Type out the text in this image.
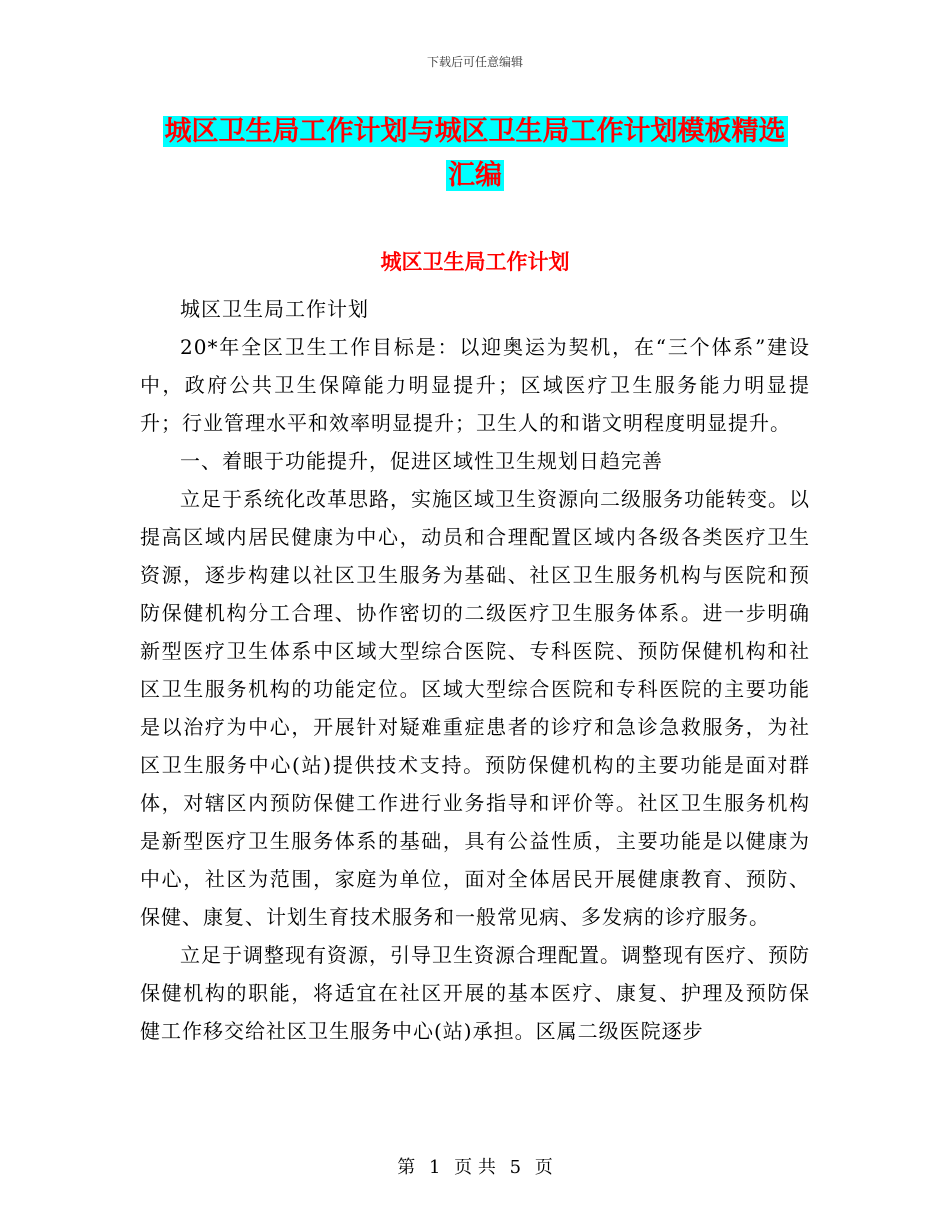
下载后可任意编辑
城区卫生局工作计划与城区卫生局工作计划模板精选
汇编
城区卫生局工作计划

城区卫生局工作计划

20*年全区卫生工作目标是：以迎奥运为契机，在“三个体系”建设中，政府公共卫生保障能力明显提升；区域医疗卫生服务能力明显提升；行业管理水平和效率明显提升；卫生人的和谐文明程度明显提升。

一、着眼于功能提升，促进区域性卫生规划日趋完善

立足于系统化改革思路，实施区域卫生资源向二级服务功能转变。以提高区域内居民健康为中心，动员和合理配置区域内各级各类医疗卫生资源，逐步构建以社区卫生服务为基础、社区卫生服务机构与医院和预防保健机构分工合理、协作密切的二级医疗卫生服务体系。进一步明确新型医疗卫生体系中区域大型综合医院、专科医院、预防保健机构和社区卫生服务机构的功能定位。区域大型综合医院和专科医院的主要功能是以治疗为中心，开展针对疑难重症患者的诊疗和急诊急救服务，为社区卫生服务中心(站)提供技术支持。预防保健机构的主要功能是面对群体，对辖区内预防保健工作进行业务指导和评价等。社区卫生服务机构是新型医疗卫生服务体系的基础，具有公益性质，主要功能是以健康为中心，社区为范围，家庭为单位，面对全体居民开展健康教育、预防、保健、康复、计划生育技术服务和一般常见病、多发病的诊疗服务。

立足于调整现有资源，引导卫生资源合理配置。调整现有医疗、预防保健机构的职能，将适宜在社区开展的基本医疗、康复、护理及预防保健工作移交给社区卫生服务中心(站)承担。区属二级医院逐步

第 1 页 共 5 页
